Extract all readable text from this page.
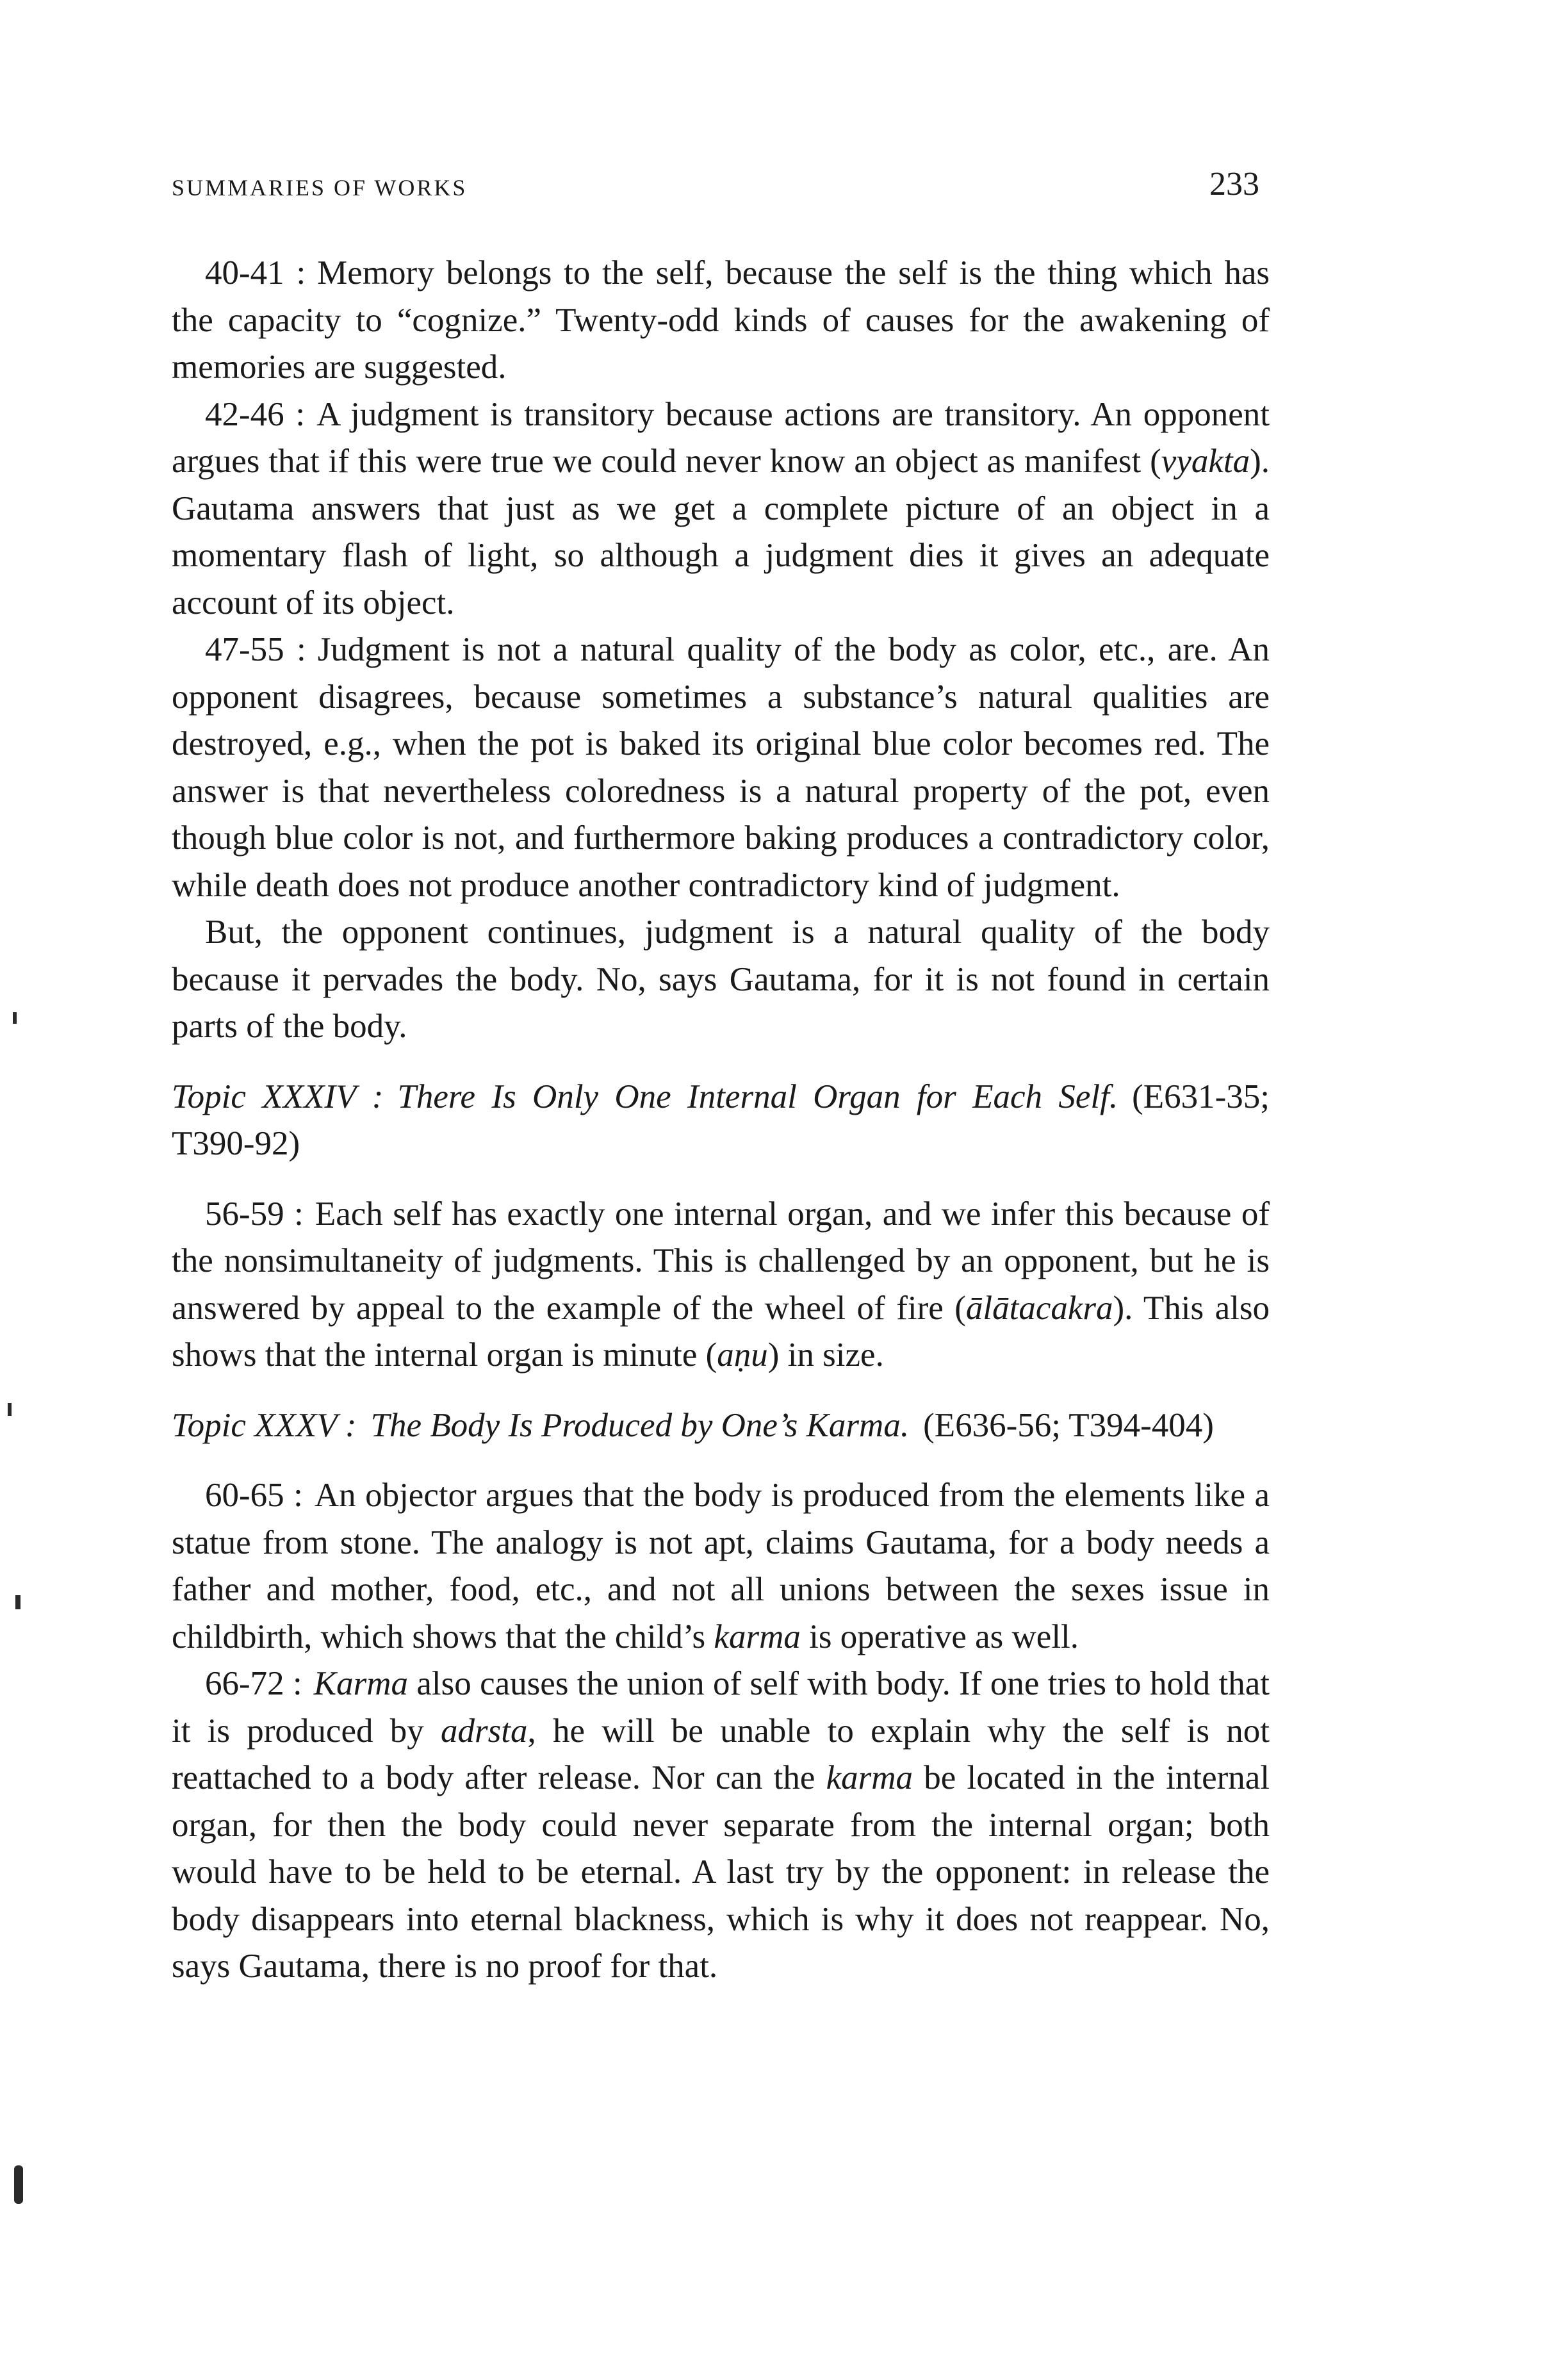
SUMMARIES OF WORKS	233

40-41 : Memory belongs to the self, because the self is the thing which has the capacity to “cognize.” Twenty-odd kinds of causes for the awakening of memories are suggested.

42-46 : A judgment is transitory because actions are transitory. An opponent argues that if this were true we could never know an object as manifest (vyakta). Gautama answers that just as we get a complete picture of an object in a momentary flash of light, so although a judgment dies it gives an adequate account of its object.

47-55 : Judgment is not a natural quality of the body as color, etc., are. An opponent disagrees, because sometimes a substance’s natural qualities are destroyed, e.g., when the pot is baked its original blue color becomes red. The answer is that nevertheless coloredness is a natural property of the pot, even though blue color is not, and furthermore baking produces a contradictory color, while death does not produce another contradictory kind of judgment.

But, the opponent continues, judgment is a natural quality of the body because it pervades the body. No, says Gautama, for it is not found in certain parts of the body.

Topic XXXIV : There Is Only One Internal Organ for Each Self. (E631-35; T390-92)

56-59 : Each self has exactly one internal organ, and we infer this because of the nonsimultaneity of judgments. This is challenged by an opponent, but he is answered by appeal to the example of the wheel of fire (ālātacakra). This also shows that the internal organ is minute (aṇu) in size.

Topic XXXV : The Body Is Produced by One’s Karma. (E636-56; T394-404)

60-65 : An objector argues that the body is produced from the elements like a statue from stone. The analogy is not apt, claims Gautama, for a body needs a father and mother, food, etc., and not all unions between the sexes issue in childbirth, which shows that the child’s karma is operative as well.

66-72 : Karma also causes the union of self with body. If one tries to hold that it is produced by adrsta, he will be unable to explain why the self is not reattached to a body after release. Nor can the karma be located in the internal organ, for then the body could never separate from the internal organ; both would have to be held to be eternal. A last try by the opponent: in release the body disappears into eternal blackness, which is why it does not reappear. No, says Gautama, there is no proof for that.
